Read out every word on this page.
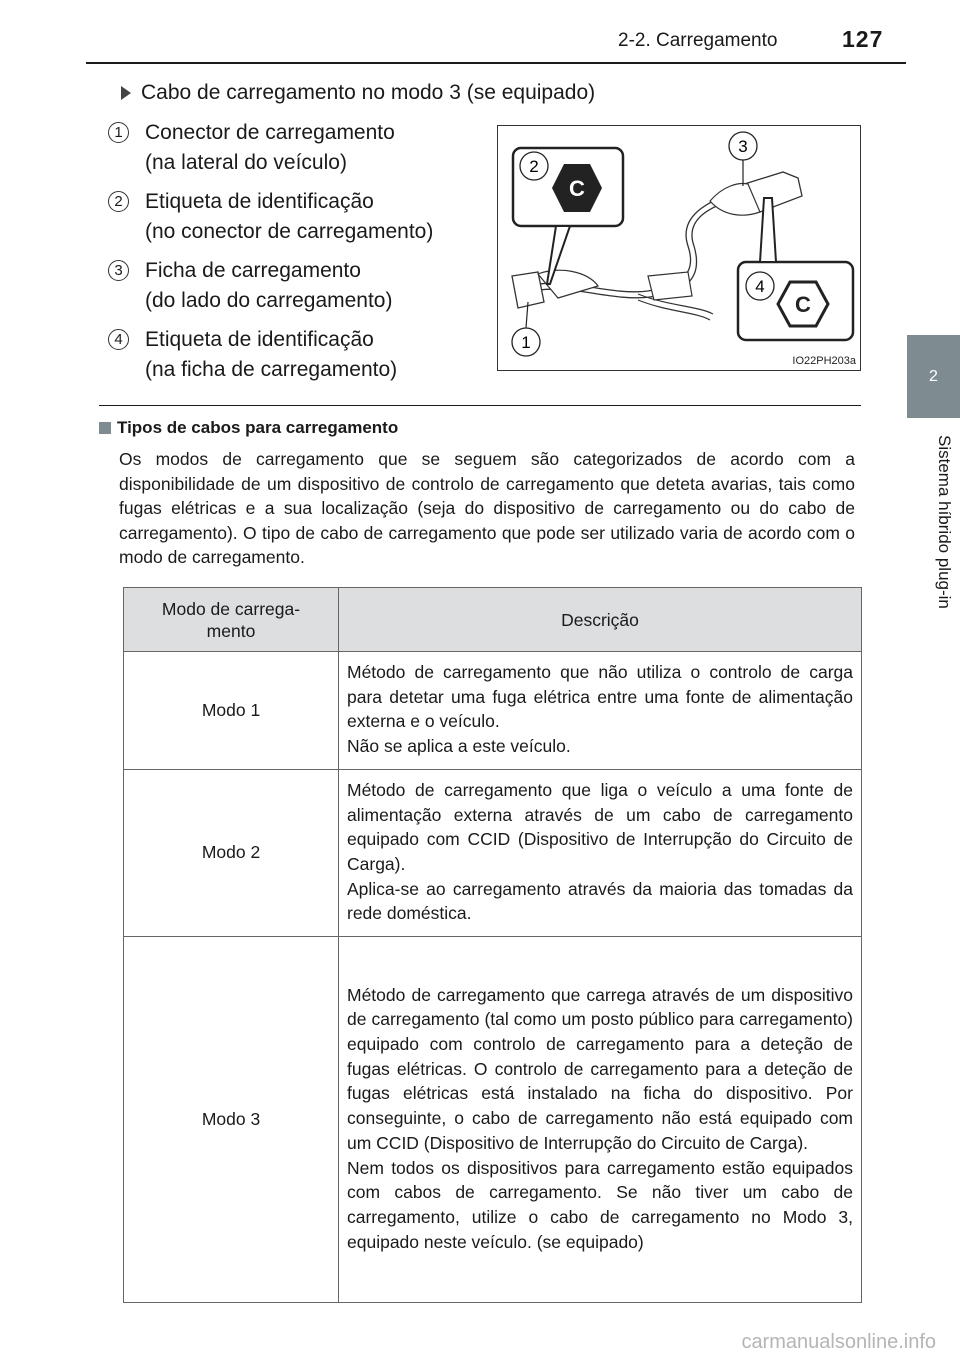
2-2. Carregamento	127
2
Sistema híbrido plug-in
Cabo de carregamento no modo 3 (se equipado)
1	Conector de carregamento
(na lateral do veículo)
2	Etiqueta de identificação
(no conector de carregamento)
3	Ficha de carregamento
(do lado do carregamento)
4	Etiqueta de identificação
(na ficha de carregamento)
C
C
2
3
4
1
IO22PH203a
Tipos de cabos para carregamento
Os modos de carregamento que se seguem são categorizados de acordo com a disponibilidade de um dispositivo de controlo de carregamento que deteta avarias, tais como fugas elétricas e a sua localização (seja do dispositivo de carregamento ou do cabo de carregamento). O tipo de cabo de carregamento que pode ser utilizado varia de acordo com o modo de carregamento.
Modo de carrega-
mento	Descrição
Modo 1	Método de carregamento que não utiliza o controlo de carga para detetar uma fuga elétrica entre uma fonte de alimentação externa e o veículo.

Não se aplica a este veículo.

Modo 2	Método de carregamento que liga o veículo a uma fonte de alimentação externa através de um cabo de carregamento equipado com CCID (Dispositivo de Interrupção do Circuito de Carga).

Aplica-se ao carregamento através da maioria das tomadas da rede doméstica.

Modo 3	Método de carregamento que carrega através de um dispositivo de carregamento (tal como um posto público para carregamento) equipado com controlo de carregamento para a deteção de fugas elétricas. O controlo de carregamento para a deteção de fugas elétricas está instalado na ficha do dispositivo. Por conseguinte, o cabo de carregamento não está equipado com um CCID (Dispositivo de Interrupção do Circuito de Carga).

Nem todos os dispositivos para carregamento estão equipados com cabos de carregamento. Se não tiver um cabo de carregamento, utilize o cabo de carregamento no Modo 3, equipado neste veículo. (se equipado)

carmanualsonline.info
